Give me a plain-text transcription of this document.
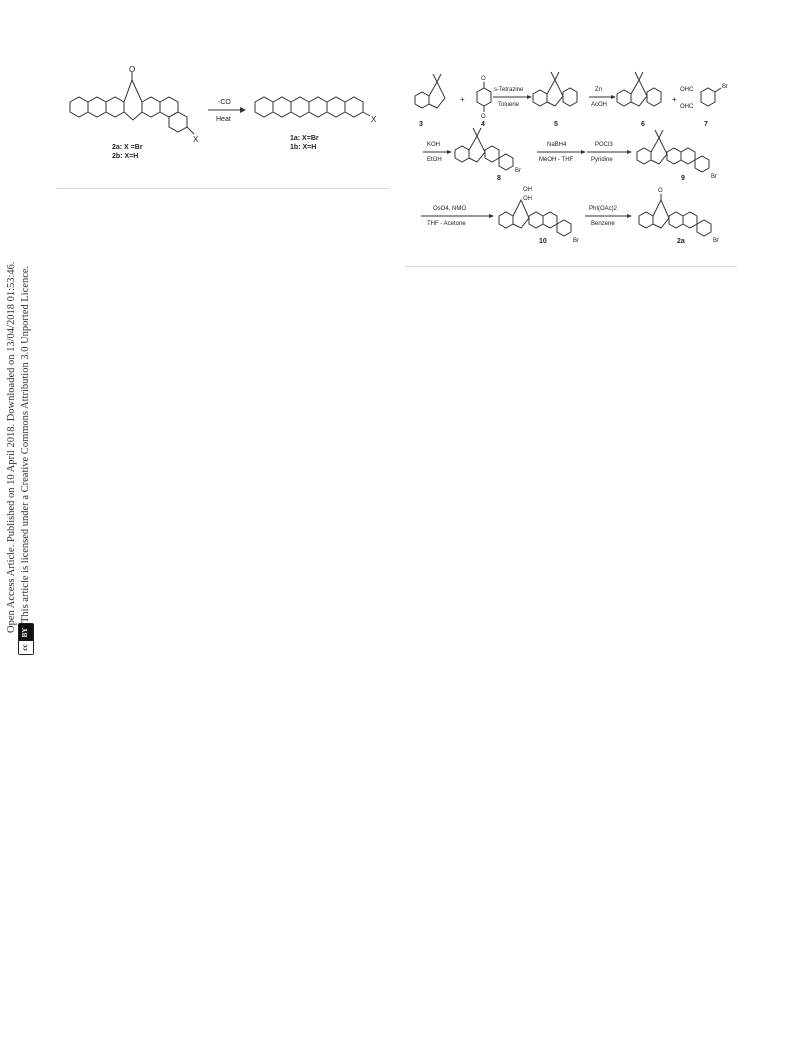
Open Access Article. Published on 10 April 2018. Downloaded on 13/04/2018 01:53:46.
cc
BY
This article is licensed under a Creative Commons Attribution 3.0 Unported Licence.
O
X
2a: X =Br
2b: X=H
-CO
Heat	X
1a: X=Br
1b: X=H
3
+
O
O
4
s-Tetrazine
Toluene
5
Zn
AcOH
6
+
OHC
OHC
Br
7
KOH
EtOH
Br
8
NaBH4
MeOH - THF
POCl3
Pyridine
Br
9
OsO4, NMO
THF - Acetone
OH
OH
Br
10
PhI(OAc)2
Benzene
O
Br
2a
